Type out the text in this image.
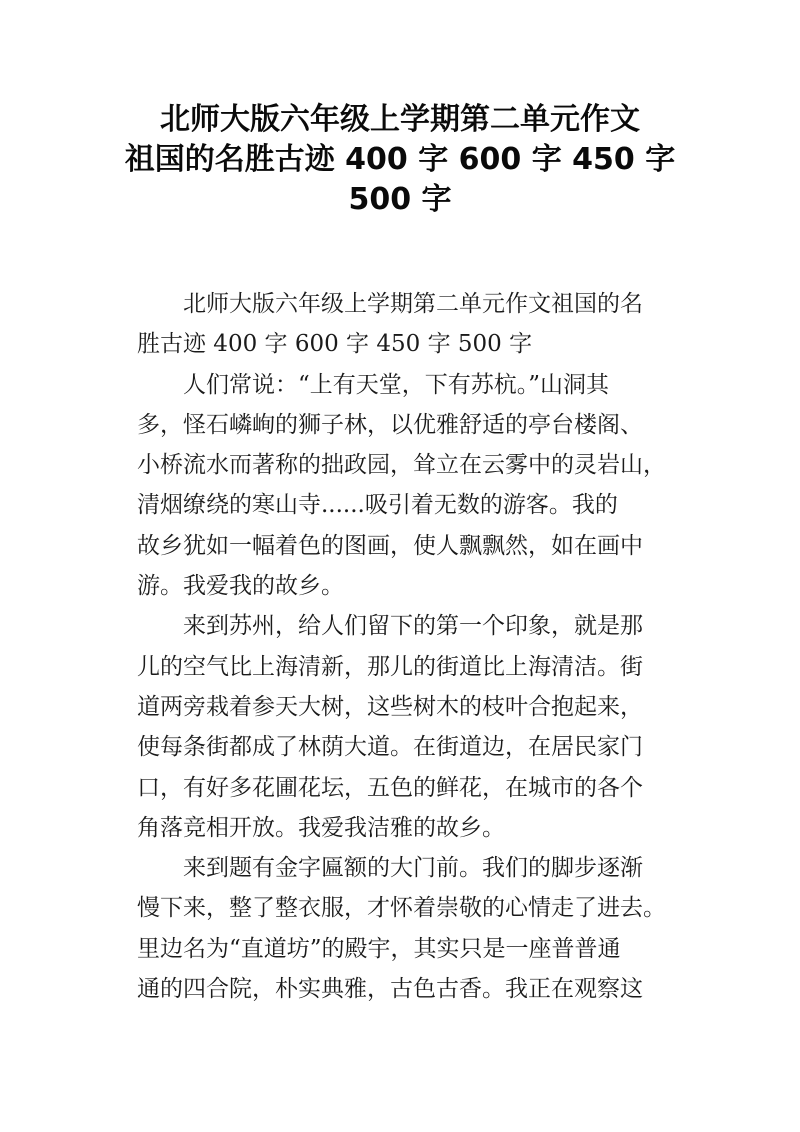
北师大版六年级上学期第二单元作文
祖国的名胜古迹 400 字 600 字 450 字
500 字
北师大版六年级上学期第二单元作文祖国的名
胜古迹 400 字 600 字 450 字 500 字
人们常说：“上有天堂，下有苏杭。”山洞其
多，怪石嶙峋的狮子林，以优雅舒适的亭台楼阁、
小桥流水而著称的拙政园，耸立在云雾中的灵岩山，
清烟缭绕的寒山寺......吸引着无数的游客。我的
故乡犹如一幅着色的图画，使人飘飘然，如在画中
游。我爱我的故乡。
来到苏州，给人们留下的第一个印象，就是那
儿的空气比上海清新，那儿的街道比上海清洁。街
道两旁栽着参天大树，这些树木的枝叶合抱起来，
使每条街都成了林荫大道。在街道边，在居民家门
口，有好多花圃花坛，五色的鲜花，在城市的各个
角落竞相开放。我爱我洁雅的故乡。
来到题有金字匾额的大门前。我们的脚步逐渐
慢下来，整了整衣服，才怀着崇敬的心情走了进去。
里边名为“直道坊”的殿宇，其实只是一座普普通
通的四合院，朴实典雅，古色古香。我正在观察这
